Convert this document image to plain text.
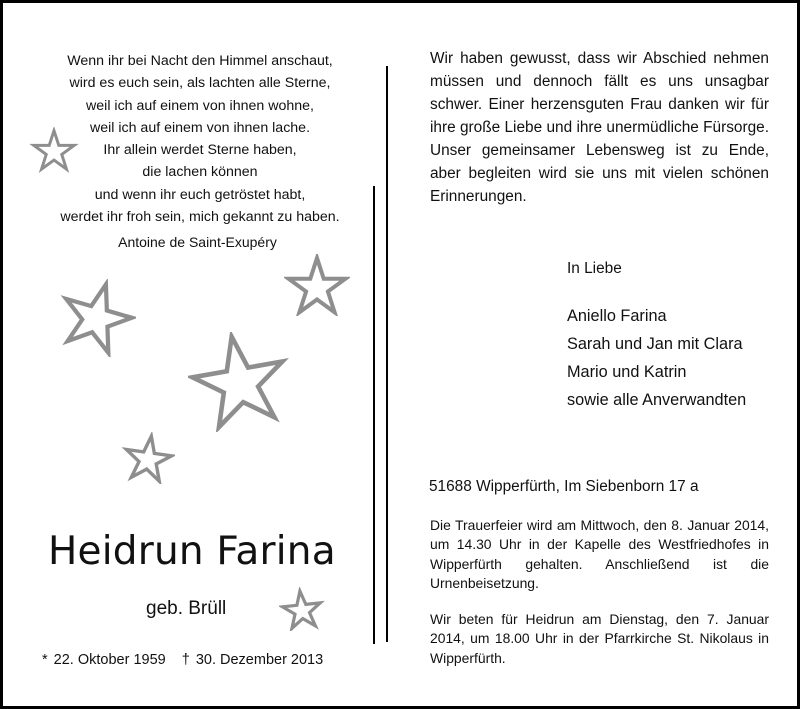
Wenn ihr bei Nacht den Himmel anschaut,
wird es euch sein, als lachten alle Sterne,
weil ich auf einem von ihnen wohne,
weil ich auf einem von ihnen lache.
Ihr allein werdet Sterne haben,
die lachen können
und wenn ihr euch getröstet habt,
werdet ihr froh sein, mich gekannt zu haben.
Antoine de Saint-Exupéry
Heidrun Farina
geb. Brüll
* 22. Oktober 1959 † 30. Dezember 2013
Wir haben gewusst, dass wir Abschied nehmen müssen und dennoch fällt es uns unsagbar schwer. Einer herzensguten Frau danken wir für ihre große Liebe und ihre unermüdliche Fürsorge. Unser gemeinsamer Lebensweg ist zu Ende, aber begleiten wird sie uns mit vielen schönen Erinnerungen.
In Liebe
Aniello Farina
Sarah und Jan mit Clara
Mario und Katrin
sowie alle Anverwandten
51688 Wipperfürth, Im Siebenborn 17 a
Die Trauerfeier wird am Mittwoch, den 8. Januar 2014, um 14.30 Uhr in der Kapelle des Westfriedhofes in Wipperfürth gehalten. Anschließend ist die Urnenbeisetzung.
Wir beten für Heidrun am Dienstag, den 7. Januar 2014, um 18.00 Uhr in der Pfarrkirche St. Nikolaus in Wipperfürth.
